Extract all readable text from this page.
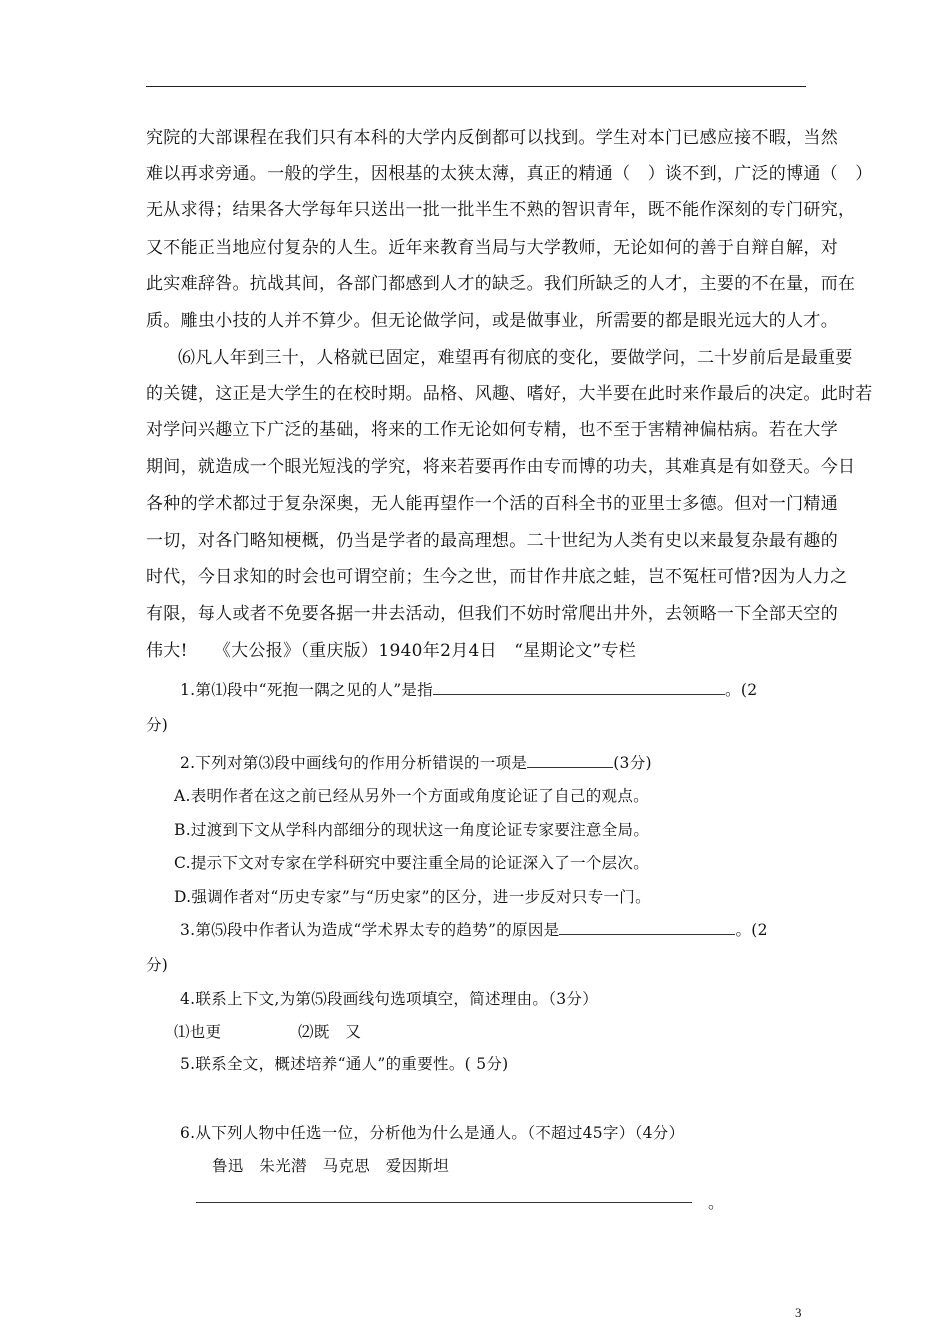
究院的大部课程在我们只有本科的大学内反倒都可以找到。学生对本门已感应接不暇，当然
难以再求旁通。一般的学生，因根基的太狭太薄，真正的精通（　）谈不到，广泛的博通（　）
无从求得；结果各大学每年只送出一批一批半生不熟的智识青年，既不能作深刻的专门研究，
又不能正当地应付复杂的人生。近年来教育当局与大学教师，无论如何的善于自辩自解，对
此实难辞咎。抗战其间，各部门都感到人才的缺乏。我们所缺乏的人才，主要的不在量，而在
质。雕虫小技的人并不算少。但无论做学问，或是做事业，所需要的都是眼光远大的人才。
⑹凡人年到三十，人格就已固定，难望再有彻底的变化，要做学问，二十岁前后是最重要
的关键，这正是大学生的在校时期。品格、风趣、嗜好，大半要在此时来作最后的决定。此时若
对学问兴趣立下广泛的基础，将来的工作无论如何专精，也不至于害精神偏枯病。若在大学
期间，就造成一个眼光短浅的学究，将来若要再作由专而博的功夫，其难真是有如登天。今日
各种的学术都过于复杂深奥，无人能再望作一个活的百科全书的亚里士多德。但对一门精通
一切，对各门略知梗概，仍当是学者的最高理想。二十世纪为人类有史以来最复杂最有趣的
时代，今日求知的时会也可谓空前；生今之世，而甘作井底之蛙，岂不冤枉可惜?因为人力之
有限，每人或者不免要各据一井去活动，但我们不妨时常爬出井外，去领略一下全部天空的
伟大!　　《大公报》（重庆版）1940年2月4日　“星期论文”专栏
1.第⑴段中“死抱一隅之见的人”是指	。(2
分)
2.下列对第⑶段中画线句的作用分析错误的一项是	(3分)
A.表明作者在这之前已经从另外一个方面或角度论证了自己的观点。
B.过渡到下文从学科内部细分的现状这一角度论证专家要注意全局。
C.提示下文对专家在学科研究中要注重全局的论证深入了一个层次。
D.强调作者对“历史专家”与“历史家”的区分，进一步反对只专一门。
3.第⑸段中作者认为造成“学术界太专的趋势”的原因是	。(2
分)
4.联系上下文,为第⑸段画线句选项填空，简述理由。（3分）
⑴也更	⑵既　又
5.联系全文，概述培养“通人”的重要性。( 5分)
6.从下列人物中任选一位，分析他为什么是通人。（不超过45字）（4分）
鲁迅　朱光潜　马克思　爱因斯坦
。
3
